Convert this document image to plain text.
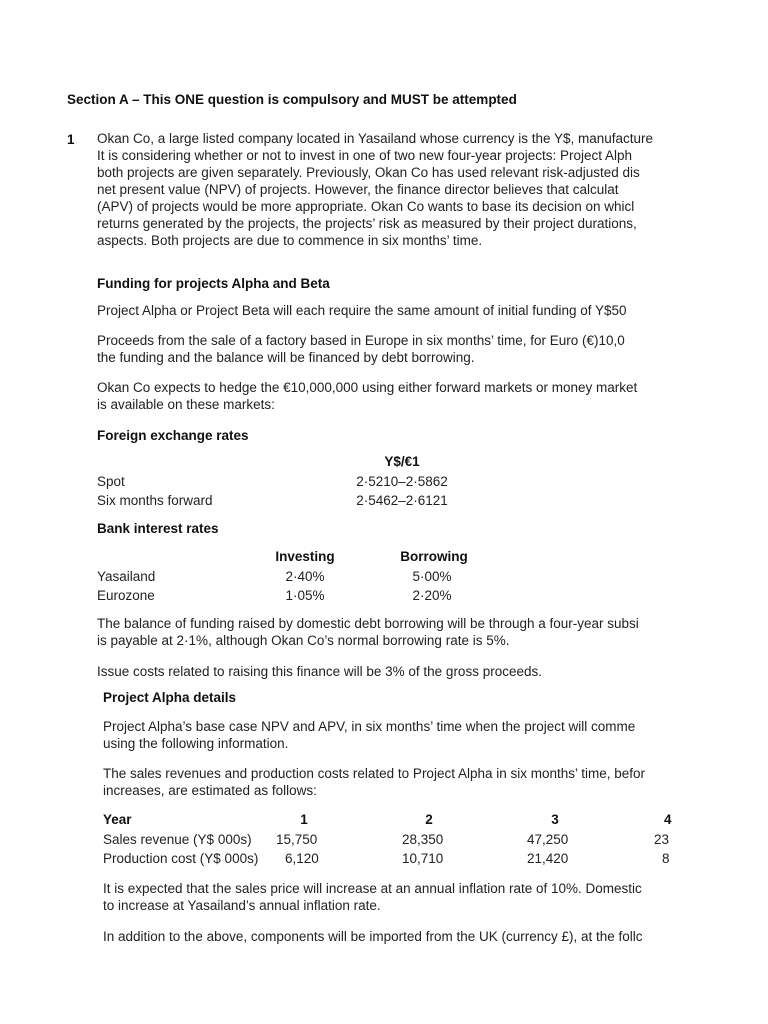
Section A – This ONE question is compulsory and MUST be attempted
1 Okan Co, a large listed company located in Yasailand whose currency is the Y$, manufacture
It is considering whether or not to invest in one of two new four-year projects: Project Alph
both projects are given separately. Previously, Okan Co has used relevant risk-adjusted dis
net present value (NPV) of projects. However, the finance director believes that calculat
(APV) of projects would be more appropriate. Okan Co wants to base its decision on whicl
returns generated by the projects, the projects’ risk as measured by their project durations,
aspects. Both projects are due to commence in six months’ time.
Funding for projects Alpha and Beta
Project Alpha or Project Beta will each require the same amount of initial funding of Y$50
Proceeds from the sale of a factory based in Europe in six months’ time, for Euro (€)10,0
the funding and the balance will be financed by debt borrowing.
Okan Co expects to hedge the €10,000,000 using either forward markets or money market
is available on these markets:
Foreign exchange rates
Y$/€1
Spot	2·5210–2·5862
Six months forward	2·5462–2·6121
Bank interest rates
Investing	Borrowing
Yasailand	2·40%	5·00%
Eurozone	1·05%	2·20%
The balance of funding raised by domestic debt borrowing will be through a four-year subsi
is payable at 2·1%, although Okan Co’s normal borrowing rate is 5%.
Issue costs related to raising this finance will be 3% of the gross proceeds.
Project Alpha details
Project Alpha’s base case NPV and APV, in six months’ time when the project will comme
using the following information.
The sales revenues and production costs related to Project Alpha in six months’ time, befor
increases, are estimated as follows:
Year	1	2	3	4
Sales revenue (Y$ 000s) 15,750	28,350	47,250	23
Production cost (Y$ 000s) 6,120	10,710	21,420	8
It is expected that the sales price will increase at an annual inflation rate of 10%. Domestic
to increase at Yasailand’s annual inflation rate.
In addition to the above, components will be imported from the UK (currency £), at the follc
